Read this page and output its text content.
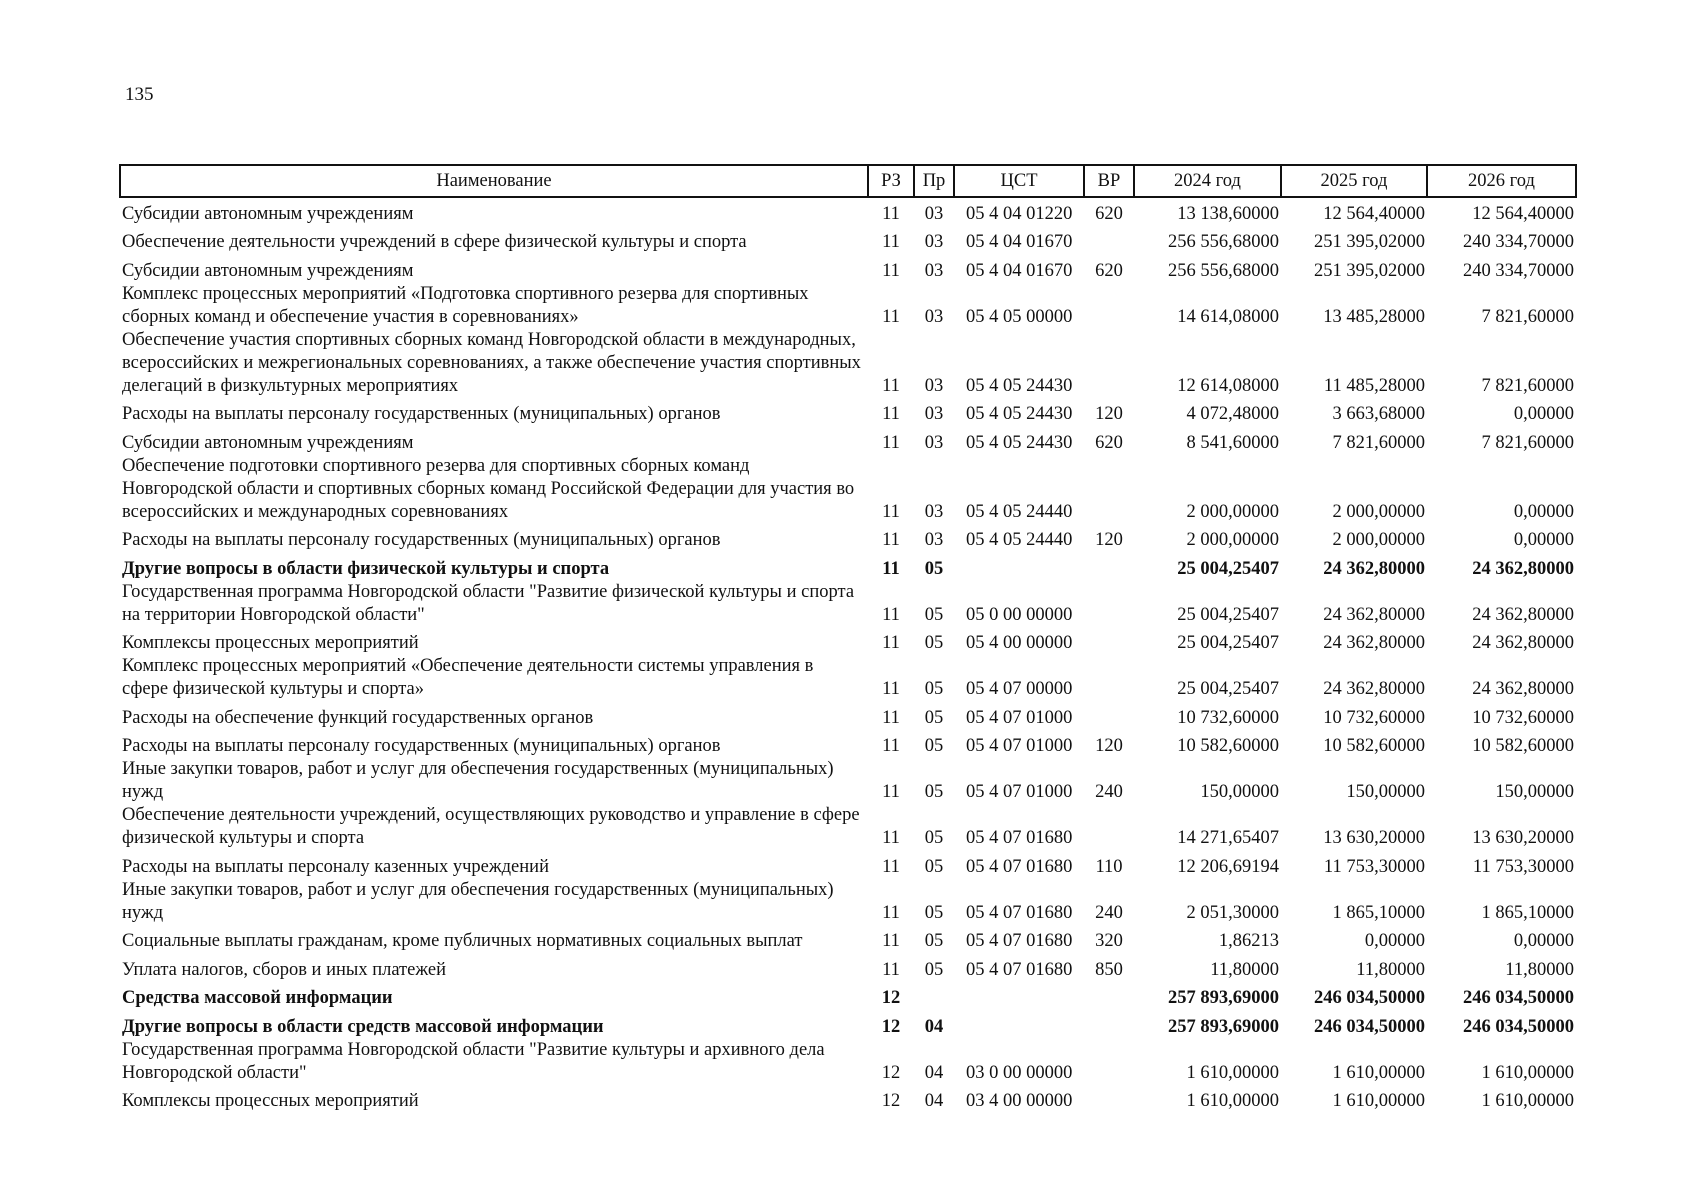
135
Наименование	РЗ	Пр	ЦСТ	ВР	2024 год	2025 год	2026 год
Субсидии автономным учреждениям	11	03	05 4 04 01220	620	13 138,60000	12 564,40000	12 564,40000
Обеспечение деятельности учреждений в сфере физической культуры и спорта	11	03	05 4 04 01670		256 556,68000	251 395,02000	240 334,70000
Субсидии автономным учреждениям	11	03	05 4 04 01670	620	256 556,68000	251 395,02000	240 334,70000
Комплекс процессных мероприятий «Подготовка спортивного резерва для спортивных сборных команд и обеспечение участия в соревнованиях»	11	03	05 4 05 00000		14 614,08000	13 485,28000	7 821,60000
Обеспечение участия спортивных сборных команд Новгородской области в международных, всероссийских и межрегиональных соревнованиях, а также обеспечение участия спортивных делегаций в физкультурных мероприятиях	11	03	05 4 05 24430		12 614,08000	11 485,28000	7 821,60000
Расходы на выплаты персоналу государственных (муниципальных) органов	11	03	05 4 05 24430	120	4 072,48000	3 663,68000	0,00000
Субсидии автономным учреждениям	11	03	05 4 05 24430	620	8 541,60000	7 821,60000	7 821,60000
Обеспечение подготовки спортивного резерва для спортивных сборных команд Новгородской области и спортивных сборных команд Российской Федерации для участия во всероссийских и международных соревнованиях	11	03	05 4 05 24440		2 000,00000	2 000,00000	0,00000
Расходы на выплаты персоналу государственных (муниципальных) органов	11	03	05 4 05 24440	120	2 000,00000	2 000,00000	0,00000
Другие вопросы в области физической культуры и спорта	11	05			25 004,25407	24 362,80000	24 362,80000
Государственная программа Новгородской области "Развитие физической культуры и спорта на территории Новгородской области"	11	05	05 0 00 00000		25 004,25407	24 362,80000	24 362,80000
Комплексы процессных мероприятий	11	05	05 4 00 00000		25 004,25407	24 362,80000	24 362,80000
Комплекс процессных мероприятий «Обеспечение деятельности системы управления в сфере физической культуры и спорта»	11	05	05 4 07 00000		25 004,25407	24 362,80000	24 362,80000
Расходы на обеспечение функций государственных органов	11	05	05 4 07 01000		10 732,60000	10 732,60000	10 732,60000
Расходы на выплаты персоналу государственных (муниципальных) органов	11	05	05 4 07 01000	120	10 582,60000	10 582,60000	10 582,60000
Иные закупки товаров, работ и услуг для обеспечения государственных (муниципальных) нужд	11	05	05 4 07 01000	240	150,00000	150,00000	150,00000
Обеспечение деятельности учреждений, осуществляющих руководство и управление в сфере физической культуры и спорта	11	05	05 4 07 01680		14 271,65407	13 630,20000	13 630,20000
Расходы на выплаты персоналу казенных учреждений	11	05	05 4 07 01680	110	12 206,69194	11 753,30000	11 753,30000
Иные закупки товаров, работ и услуг для обеспечения государственных (муниципальных) нужд	11	05	05 4 07 01680	240	2 051,30000	1 865,10000	1 865,10000
Социальные выплаты гражданам, кроме публичных нормативных социальных выплат	11	05	05 4 07 01680	320	1,86213	0,00000	0,00000
Уплата налогов, сборов и иных платежей	11	05	05 4 07 01680	850	11,80000	11,80000	11,80000
Средства массовой информации	12				257 893,69000	246 034,50000	246 034,50000
Другие вопросы в области средств массовой информации	12	04			257 893,69000	246 034,50000	246 034,50000
Государственная программа Новгородской области "Развитие культуры и архивного дела Новгородской области"	12	04	03 0 00 00000		1 610,00000	1 610,00000	1 610,00000
Комплексы процессных мероприятий	12	04	03 4 00 00000		1 610,00000	1 610,00000	1 610,00000
